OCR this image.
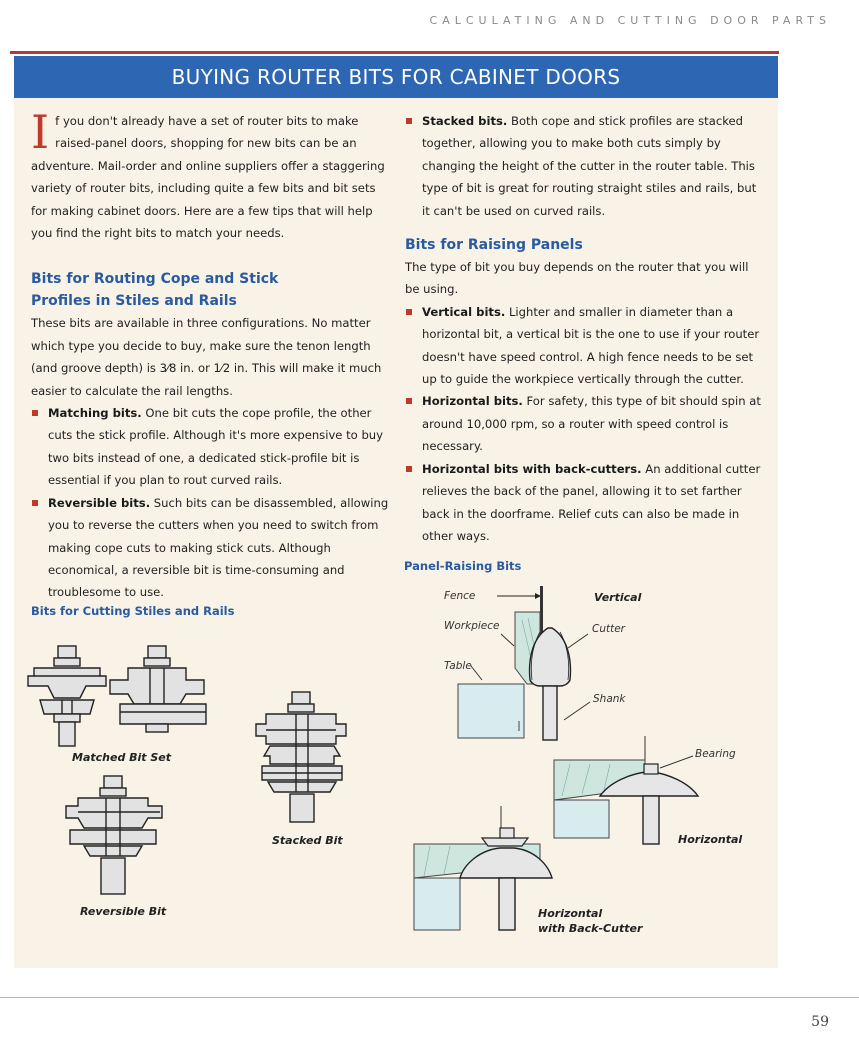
CALCULATING AND CUTTING DOOR PARTS
BUYING ROUTER BITS FOR CABINET DOORS

If you don't already have a set of router bits to make raised-panel doors, shopping for new bits can be an adventure. Mail-order and online suppliers offer a staggering variety of router bits, including quite a few bits and bit sets for making cabinet doors. Here are a few tips that will help you find the right bits to match your needs.

Bits for Routing Cope and Stick
Profiles in Stiles and Rails

These bits are available in three configurations. No matter which type you decide to buy, make sure the tenon length (and groove depth) is 3⁄8 in. or 1⁄2 in. This will make it much easier to calculate the rail lengths.

Matching bits. One bit cuts the cope profile, the other cuts the stick profile. Although it's more expensive to buy two bits instead of one, a dedicated stick-profile bit is essential if you plan to rout curved rails.
Reversible bits. Such bits can be disassembled, allowing you to reverse the cutters when you need to switch from making cope cuts to making stick cuts. Although economical, a reversible bit is time-consuming and troublesome to use.
Stacked bits. Both cope and stick profiles are stacked together, allowing you to make both cuts simply by changing the height of the cutter in the router table. This type of bit is great for routing straight stiles and rails, but it can't be used on curved rails.
Bits for Raising Panels

The type of bit you buy depends on the router that you will be using.

Vertical bits. Lighter and smaller in diameter than a horizontal bit, a vertical bit is the one to use if your router doesn't have speed control. A high fence needs to be set up to guide the workpiece vertically through the cutter.
Horizontal bits. For safety, this type of bit should spin at around 10,000 rpm, so a router with speed control is necessary.
Horizontal bits with back-cutters. An additional cutter relieves the back of the panel, allowing it to set farther back in the doorframe. Relief cuts can also be made in other ways.
Bits for Cutting Stiles and Rails
Matched Bit Set
Stacked Bit
Reversible Bit
Panel-Raising Bits
Fence
Workpiece
Table
Cutter
Shank
Bearing
Vertical
Horizontal
Horizontal
with Back-Cutter
59
